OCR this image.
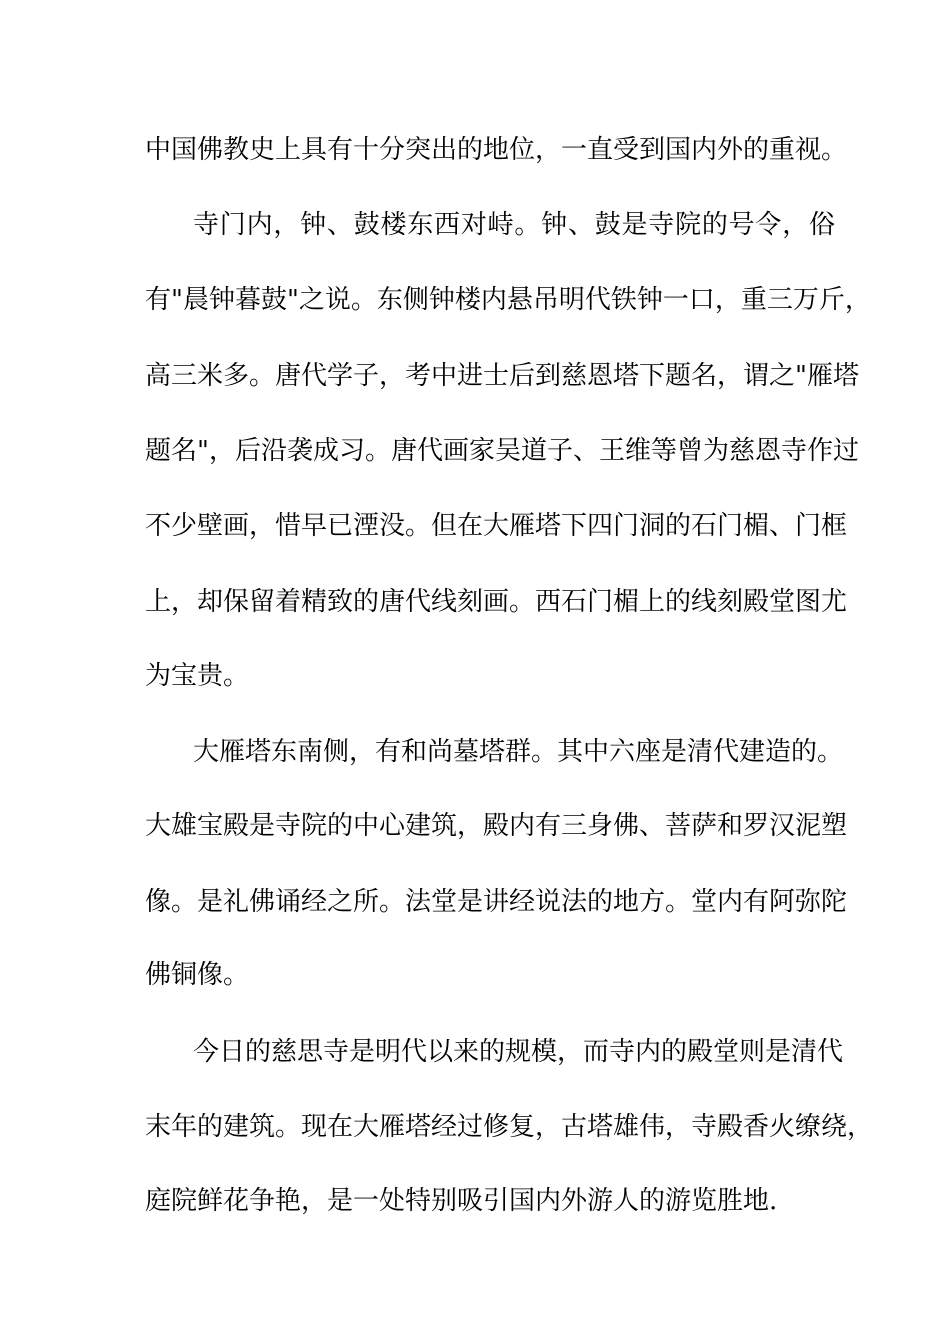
中国佛教史上具有十分突出的地位，一直受到国内外的重视。
寺门内，钟、鼓楼东西对峙。钟、鼓是寺院的号令，俗
有"晨钟暮鼓"之说。东侧钟楼内悬吊明代铁钟一口，重三万斤，
高三米多。唐代学子，考中进士后到慈恩塔下题名，谓之"雁塔
题名"，后沿袭成习。唐代画家吴道子、王维等曾为慈恩寺作过
不少壁画，惜早已湮没。但在大雁塔下四门洞的石门楣、门框
上，却保留着精致的唐代线刻画。西石门楣上的线刻殿堂图尤
为宝贵。
大雁塔东南侧，有和尚墓塔群。其中六座是清代建造的。
大雄宝殿是寺院的中心建筑，殿内有三身佛、菩萨和罗汉泥塑
像。是礼佛诵经之所。法堂是讲经说法的地方。堂内有阿弥陀
佛铜像。
今日的慈思寺是明代以来的规模，而寺内的殿堂则是清代
末年的建筑。现在大雁塔经过修复，古塔雄伟，寺殿香火缭绕，
庭院鲜花争艳，是一处特别吸引国内外游人的游览胜地.
